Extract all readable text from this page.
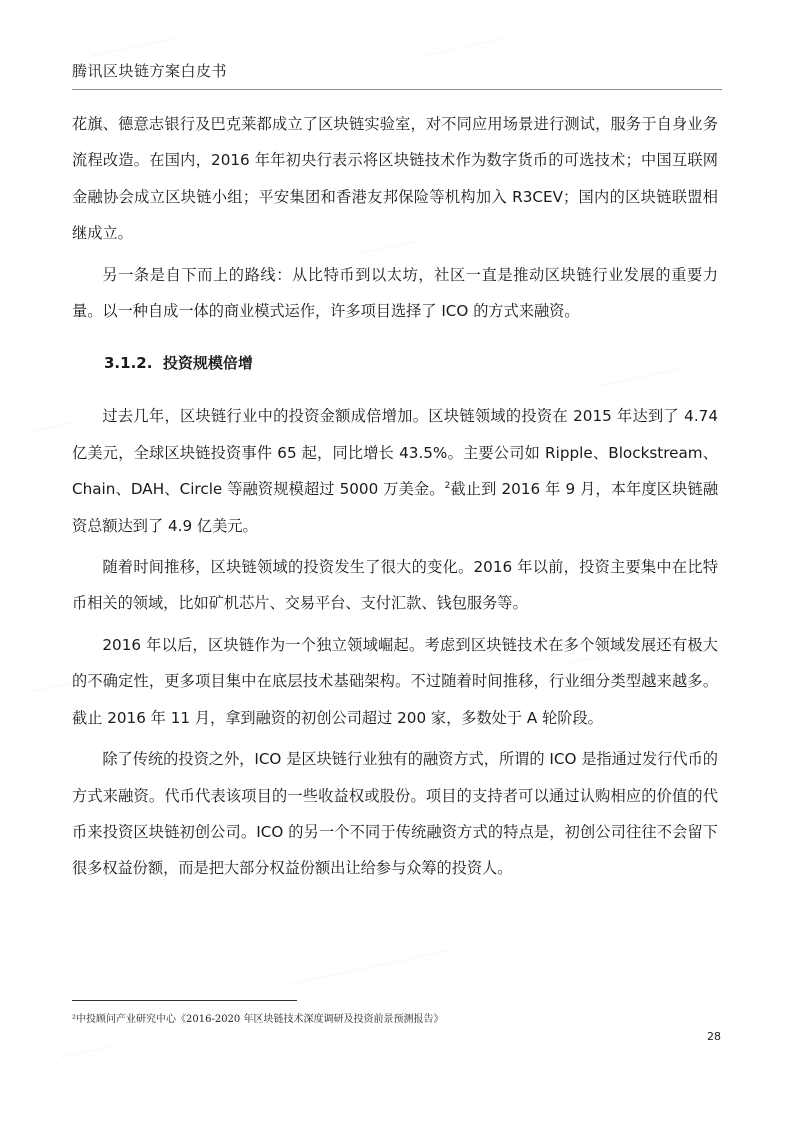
腾讯区块链方案白皮书

花旗、德意志银行及巴克莱都成立了区块链实验室，对不同应用场景进行测试，服务于自身业务流程改造。在国内，2016 年年初央行表示将区块链技术作为数字货币的可选技术；中国互联网金融协会成立区块链小组；平安集团和香港友邦保险等机构加入 R3CEV；国内的区块链联盟相继成立。

另一条是自下而上的路线：从比特币到以太坊，社区一直是推动区块链行业发展的重要力量。以一种自成一体的商业模式运作，许多项目选择了 ICO 的方式来融资。

3.1.2. 投资规模倍增

过去几年，区块链行业中的投资金额成倍增加。区块链领域的投资在 2015 年达到了 4.74 亿美元，全球区块链投资事件 65 起，同比增长 43.5%。主要公司如 Ripple、Blockstream、Chain、DAH、Circle 等融资规模超过 5000 万美金。$^2$截止到 2016 年 9 月，本年度区块链融资总额达到了 4.9 亿美元。

随着时间推移，区块链领域的投资发生了很大的变化。2016 年以前，投资主要集中在比特币相关的领域，比如矿机芯片、交易平台、支付汇款、钱包服务等。

2016 年以后，区块链作为一个独立领域崛起。考虑到区块链技术在多个领域发展还有极大的不确定性，更多项目集中在底层技术基础架构。不过随着时间推移，行业细分类型越来越多。截止 2016 年 11 月，拿到融资的初创公司超过 200 家，多数处于 A 轮阶段。

除了传统的投资之外，ICO 是区块链行业独有的融资方式，所谓的 ICO 是指通过发行代币的方式来融资。代币代表该项目的一些收益权或股份。项目的支持者可以通过认购相应的价值的代币来投资区块链初创公司。ICO 的另一个不同于传统融资方式的特点是，初创公司往往不会留下很多权益份额，而是把大部分权益份额出让给参与众筹的投资人。

²中投顾问产业研究中心《2016-2020 年区块链技术深度调研及投资前景预测报告》
28
